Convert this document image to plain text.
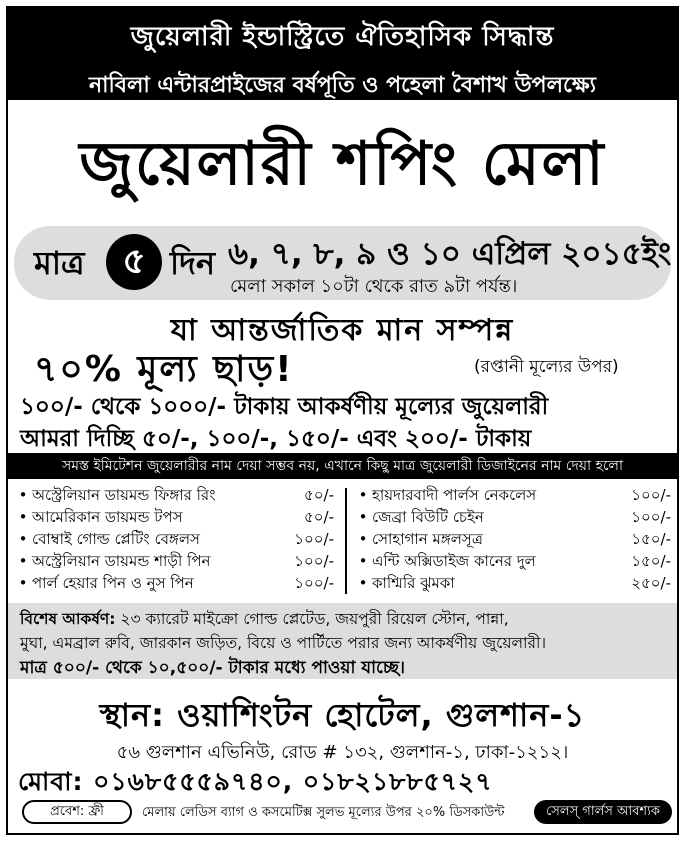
জুয়েলারী ইন্ডাস্ট্রিতে ঐতিহাসিক সিদ্ধান্ত
নাবিলা এন্টারপ্রাইজের বর্ষপূতি ও পহেলা বৈশাখ উপলক্ষ্যে
জুয়েলারী শপিং মেলা
মাত্র	৫ দিন ৬, ৭, ৮, ৯ ও ১০ এপ্রিল ২০১৫ইং
মেলা সকাল ১০টা থেকে রাত ৯টা পর্যন্ত।
যা আন্তর্জাতিক মান সম্পন্ন
৭০% মূল্য ছাড়!	(রপ্তানী মূল্যের উপর)
১০০/- থেকে ১০০০/- টাকায় আকর্ষণীয় মূল্যের জুয়েলারী
আমরা দিচ্ছি ৫০/-, ১০০/-, ১৫০/- এবং ২০০/- টাকায়
সমস্ত ইমিটেশন জুয়েলারীর নাম দেয়া সম্ভব নয়, এখানে কিছু মাত্র জুয়েলারী ডিজাইনের নাম দেয়া হলো
• অস্ট্রেলিয়ান ডায়মন্ড ফিঙ্গার রিং	৫০/-
• আমেরিকান ডায়মন্ড টপস	৫০/-
• বোম্বাই গোল্ড প্লেটিং বেঙ্গলস	১০০/-
• অস্ট্রেলিয়ান ডায়মন্ড শাড়ী পিন	১০০/-
• পার্ল হেয়ার পিন ও নুস পিন	১০০/-
• হায়দারবাদী পার্লস নেকলেস	১০০/-
• জেব্রা বিউটি চেইন	১০০/-
• সোহাগান মঙ্গলসূত্র	১৫০/-
• এন্টি অক্সিডাইজ কানের দুল	১৫০/-
• কাশ্মিরি ঝুমকা	২৫০/-
বিশেষ আকর্ষণ: ২৩ ক্যারেট মাইক্রো গোল্ড প্লেটেড, জয়পুরী রিয়েল স্টোন, পান্না,
মুঘা, এমব্রাল রুবি, জারকান জড়িত, বিয়ে ও পার্টিতে পরার জন্য আকর্ষণীয় জুয়েলারী।
মাত্র ৫০০/- থেকে ১০,৫০০/- টাকার মধ্যে পাওয়া যাচ্ছে।
স্থান: ওয়াশিংটন হোটেল, গুলশান-১
৫৬ গুলশান এভিনিউ, রোড # ১৩২, গুলশান-১, ঢাকা-১২১২।
মোবা: ০১৬৮৫৫৫৯৭৪০, ০১৮২১৮৮৫৭২৭
প্রবেশ: ফ্রী	মেলায় লেডিস ব্যাগ ও কসমেটিক্স সুলভ মূল্যের উপর ২০% ডিসকাউন্ট	সেলস্ গার্লস আবশ্যক
